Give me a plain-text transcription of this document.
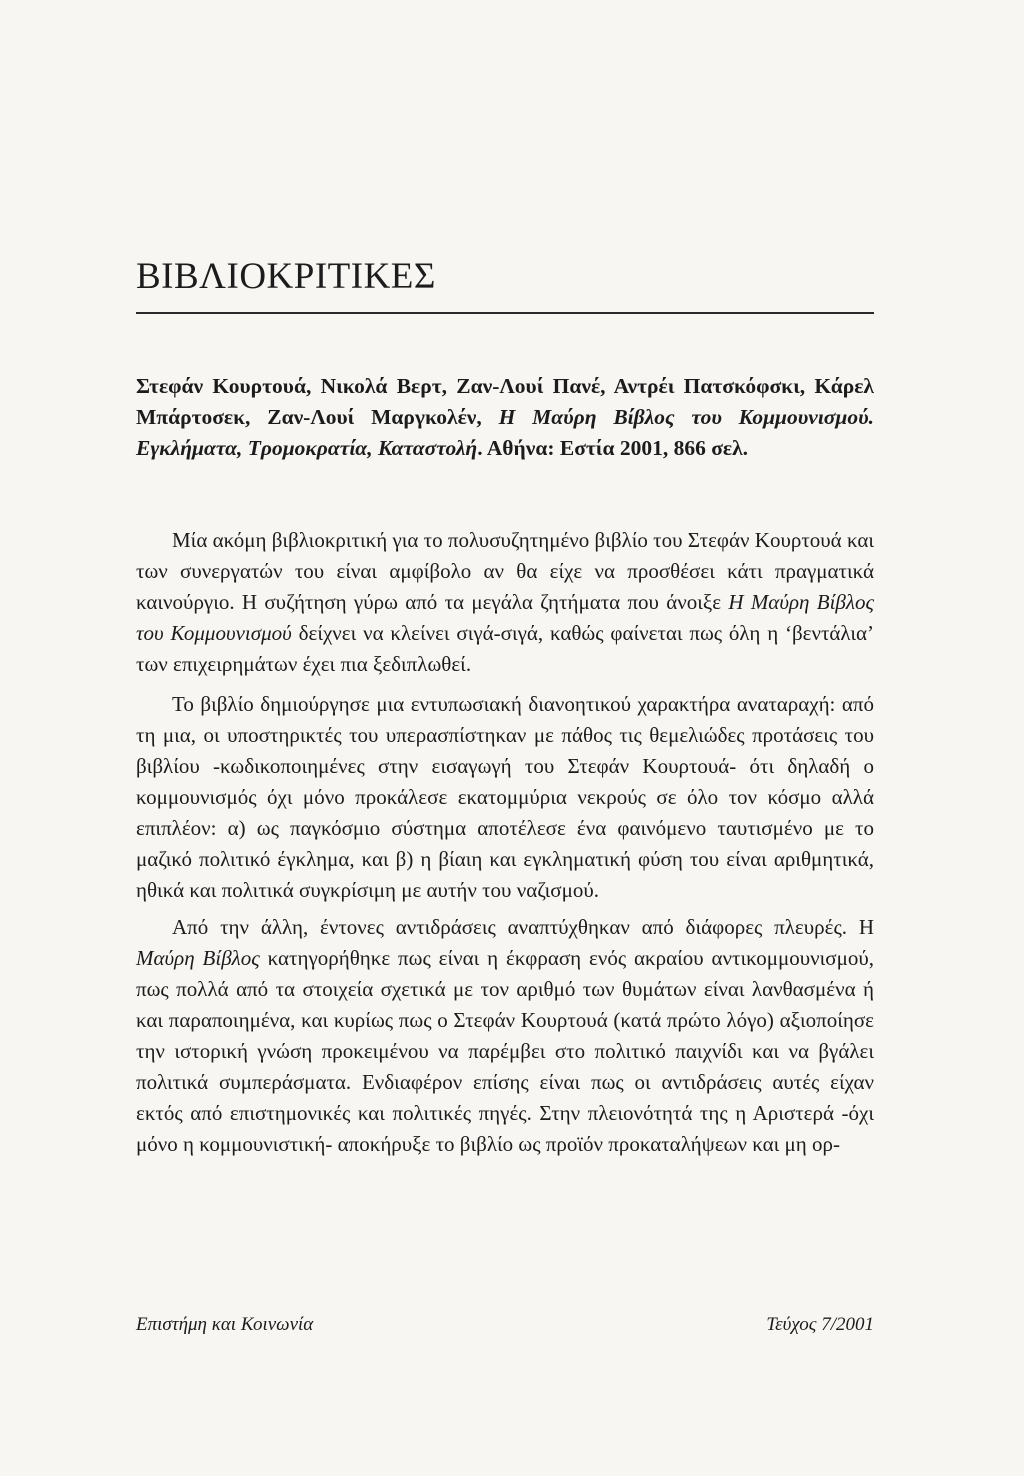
ΒΙΒΛΙΟΚΡΙΤΙΚΕΣ

Στεφάν Κουρτουά, Νικολά Βερτ, Ζαν-Λουί Πανέ, Αντρέι Πατσκόφσκι, Κάρελ Μπάρτοσεκ, Ζαν-Λουί Μαργκολέν, Η Μαύρη Βίβλος του Κομμουνισμού. Εγκλήματα, Τρομοκρατία, Καταστολή. Αθήνα: Εστία 2001, 866 σελ.

Μία ακόμη βιβλιοκριτική για το πολυσυζητημένο βιβλίο του Στεφάν Κουρτουά και των συνεργατών του είναι αμφίβολο αν θα είχε να προσθέσει κάτι πραγματικά καινούργιο. Η συζήτηση γύρω από τα μεγάλα ζητήματα που άνοιξε Η Μαύρη Βίβλος του Κομμουνισμού δείχνει να κλείνει σιγά-σιγά, καθώς φαίνεται πως όλη η ‘βεντάλια’ των επιχειρημάτων έχει πια ξεδιπλωθεί.

Το βιβλίο δημιούργησε μια εντυπωσιακή διανοητικού χαρακτήρα αναταραχή: από τη μια, οι υποστηρικτές του υπερασπίστηκαν με πάθος τις θεμελιώδες προτάσεις του βιβλίου -κωδικοποιημένες στην εισαγωγή του Στεφάν Κουρτουά- ότι δηλαδή ο κομμουνισμός όχι μόνο προκάλεσε εκατομμύρια νεκρούς σε όλο τον κόσμο αλλά επιπλέον: α) ως παγκόσμιο σύστημα αποτέλεσε ένα φαινόμενο ταυτισμένο με το μαζικό πολιτικό έγκλημα, και β) η βίαιη και εγκληματική φύση του είναι αριθμητικά, ηθικά και πολιτικά συγκρίσιμη με αυτήν του ναζισμού.

Από την άλλη, έντονες αντιδράσεις αναπτύχθηκαν από διάφορες πλευρές. Η Μαύρη Βίβλος κατηγορήθηκε πως είναι η έκφραση ενός ακραίου αντικομμουνισμού, πως πολλά από τα στοιχεία σχετικά με τον αριθμό των θυμάτων είναι λανθασμένα ή και παραποιημένα, και κυρίως πως ο Στεφάν Κουρτουά (κατά πρώτο λόγο) αξιοποίησε την ιστορική γνώση προκειμένου να παρέμβει στο πολιτικό παιχνίδι και να βγάλει πολιτικά συμπεράσματα. Ενδιαφέρον επίσης είναι πως οι αντιδράσεις αυτές είχαν εκτός από επιστημονικές και πολιτικές πηγές. Στην πλειονότητά της η Αριστερά -όχι μόνο η κομμουνιστική- αποκήρυξε το βιβλίο ως προϊόν προκαταλήψεων και μη ορ-

Επιστήμη και Κοινωνία	Τεύχος 7/2001
